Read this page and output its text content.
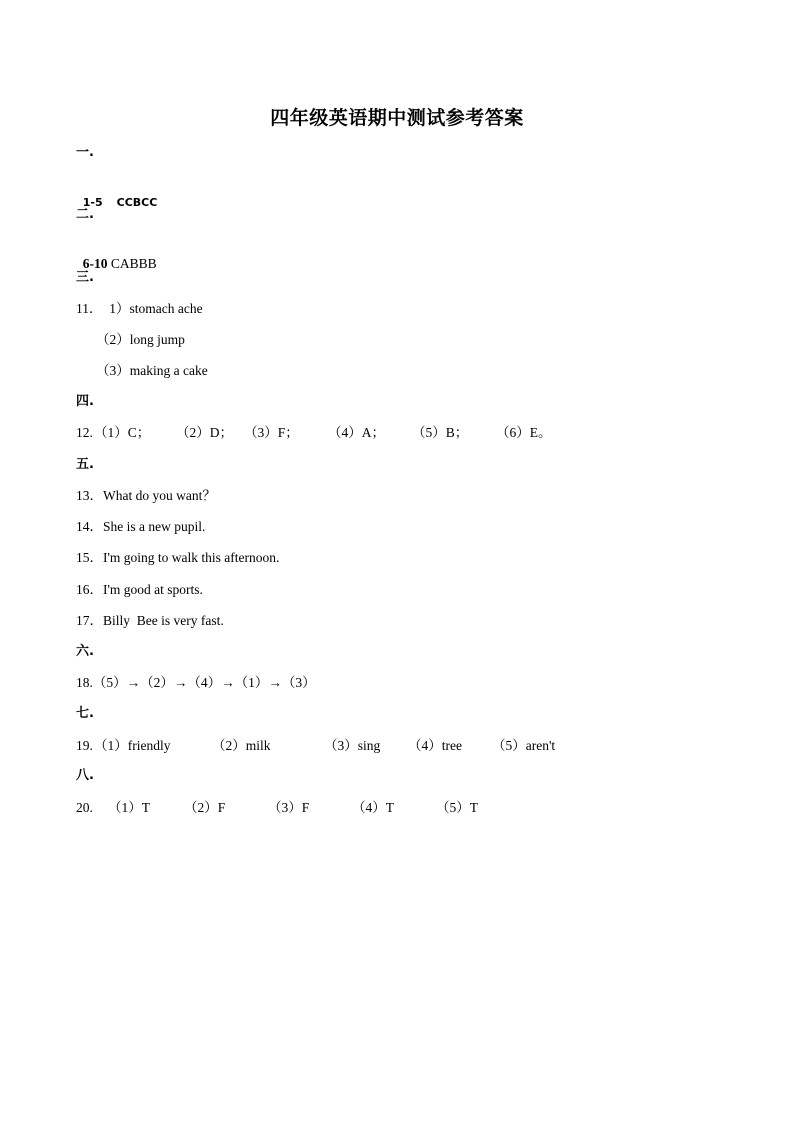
四年级英语期中测试参考答案
一.

1-5 CCBCC

二.

6-10 CABBB

三.
11．  1）stomach ache
（2）long jump
（3）making a cake
四.

12.

（1）C；

（2）D；

（3）F；

（4）A；

（5）B；

（6）E。

五.
13．What do you want？
14．She is a new pupil.
15．I'm going to walk this afternoon.
16．I'm good at sports.
17．Billy  Bee is very fast.
六.
18.（5）→（2）→（4）→（1）→（3）
七.

19.

（1）friendly

	（2）milk

	（3）sing

（4）tree

（5）aren't

八.

20.

（1）T

	（2）F

	（3）F

	（4）T

	（5）T
